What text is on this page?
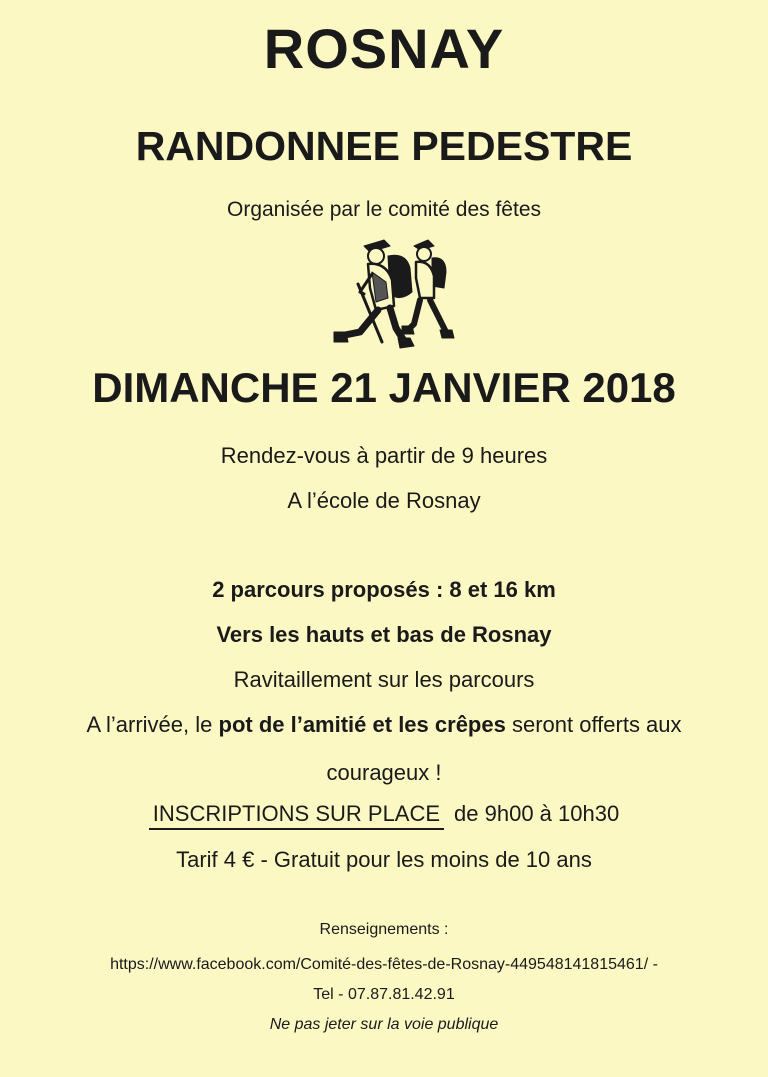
ROSNAY
RANDONNEE PEDESTRE
Organisée par le comité des fêtes
DIMANCHE 21 JANVIER 2018
Rendez-vous à partir de 9 heures
A l’école de Rosnay
2 parcours proposés : 8 et 16 km
Vers les hauts et bas de Rosnay
Ravitaillement sur les parcours
A l’arrivée, le pot de l’amitié et les crêpes seront offerts aux
courageux !
INSCRIPTIONS SUR PLACE de 9h00 à 10h30
Tarif 4 € - Gratuit pour les moins de 10 ans
Renseignements :
https://www.facebook.com/Comité-des-fêtes-de-Rosnay-449548141815461/ -
Tel - 07.87.81.42.91
Ne pas jeter sur la voie publique
